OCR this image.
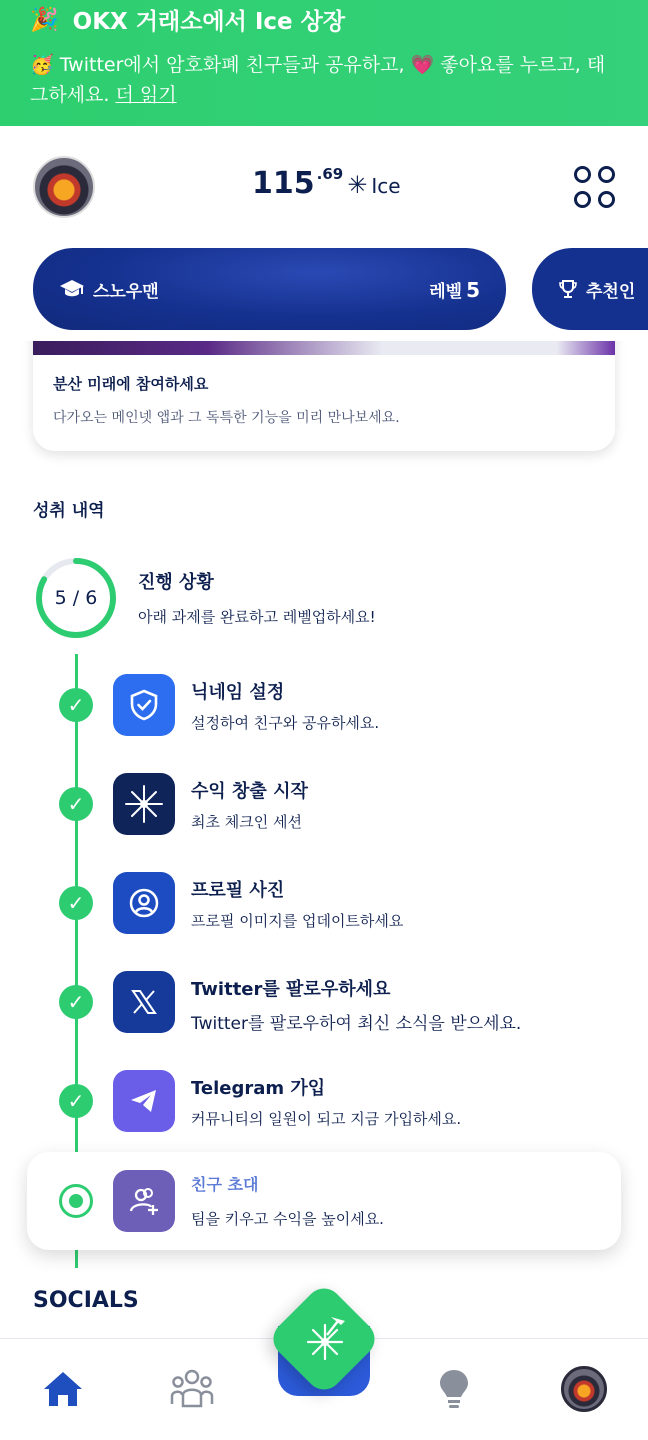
🎉 OKX 거래소에서 Ice 상장
🥳 Twitter에서 암호화폐 친구들과 공유하고, 💗 좋아요를 누르고, 태그하세요. 더 읽기
115 .69 ✳ Ice
스노우맨	레벨 5	추천인
분산 미래에 참여하세요
다가오는 메인넷 앱과 그 독특한 기능을 미리 만나보세요.
성취 내역
5 / 6
진행 상황
아래 과제를 완료하고 레벨업하세요!
✓
닉네임 설정
설정하여 친구와 공유하세요.
✓
수익 창출 시작
최초 체크인 세션
✓
프로필 사진
프로필 이미지를 업데이트하세요
✓
Twitter를 팔로우하세요
Twitter를 팔로우하여 최신 소식을 받으세요.
✓
Telegram 가입
커뮤니티의 일원이 되고 지금 가입하세요.
친구 초대
팀을 키우고 수익을 높이세요.
SOCIALS
